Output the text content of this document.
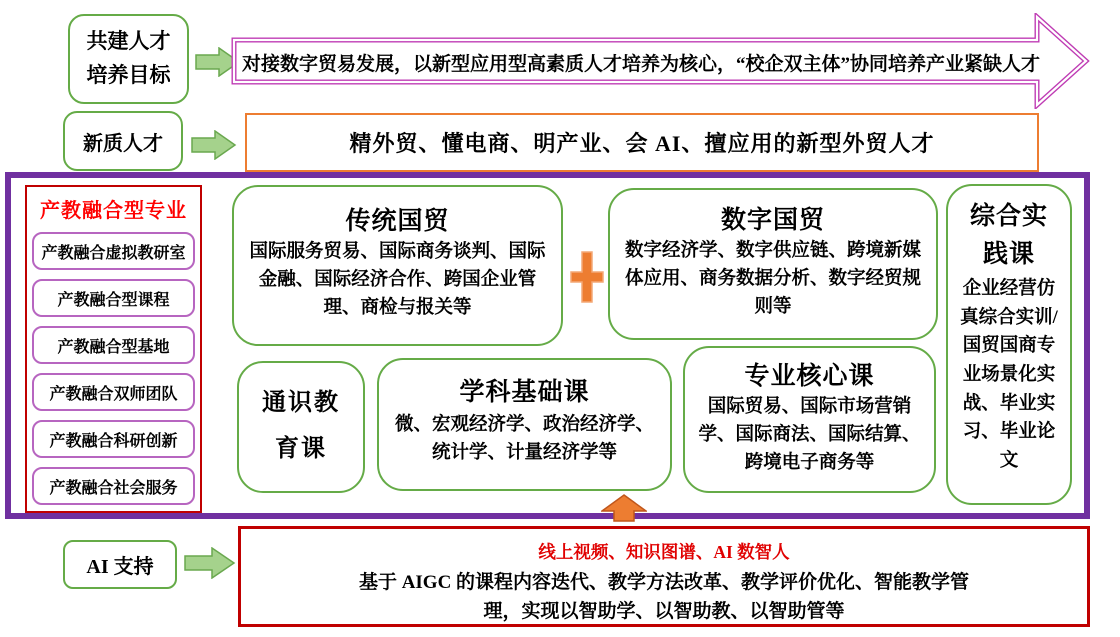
共建人才
培养目标	对接数字贸易发展，以新型应用型高素质人才培养为核心，“校企双主体”协同培养产业紧缺人才
新质人才	精外贸、懂电商、明产业、会 AI、擅应用的新型外贸人才
产教融合型专业
产教融合虚拟教研室
产教融合型课程
产教融合型基地
产教融合双师团队
产教融合科研创新
产教融合社会服务
传统国贸
国际服务贸易、国际商务谈判、国际金融、国际经济合作、跨国企业管理、商检与报关等
数字国贸
数字经济学、数字供应链、跨境新媒体应用、商务数据分析、数字经贸规则等
通识教
育课
学科基础课
微、宏观经济学、政治经济学、统计学、计量经济学等
专业核心课
国际贸易、国际市场营销学、国际商法、国际结算、跨境电子商务等
综合实
践课
企业经营仿真综合实训/国贸国商专业场景化实战、毕业实习、毕业论文
AI 支持
线上视频、知识图谱、AI 数智人
基于 AIGC 的课程内容迭代、教学方法改革、教学评价优化、智能教学管理，实现以智助学、以智助教、以智助管等
